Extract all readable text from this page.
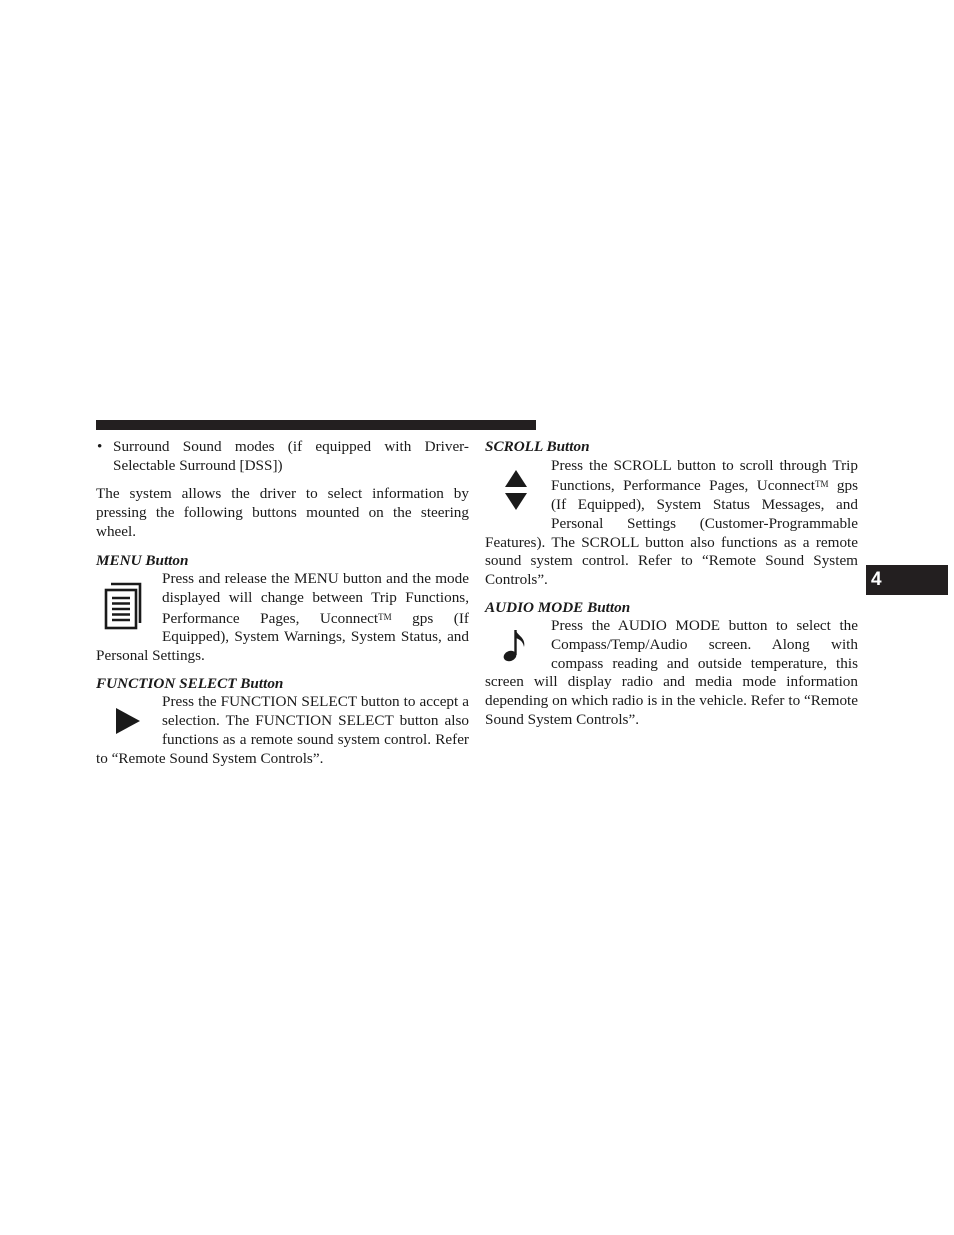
• Surround Sound modes (if equipped with Driver-Selectable Surround [DSS])

The system allows the driver to select information by pressing the following buttons mounted on the steering wheel.

MENU Button

Press and release the MENU button and the mode displayed will change between Trip Functions, Performance Pages, UconnectTM gps (If Equipped), System Warnings, System Status, and Personal Settings.

FUNCTION SELECT Button

Press the FUNCTION SELECT button to accept a selection. The FUNCTION SELECT button also functions as a remote sound system control. Refer to “Remote Sound System Controls”.

SCROLL Button

Press the SCROLL button to scroll through Trip Functions, Performance Pages, UconnectTM gps (If Equipped), System Status Messages, and Personal Settings (Customer-Programmable Features). The SCROLL button also functions as a remote sound system control. Refer to “Remote Sound System Controls”.

AUDIO MODE Button

Press the AUDIO MODE button to select the Compass/Temp/Audio screen. Along with compass reading and outside temperature, this screen will display radio and media mode information depending on which radio is in the vehicle. Refer to “Remote Sound System Controls”.

4
